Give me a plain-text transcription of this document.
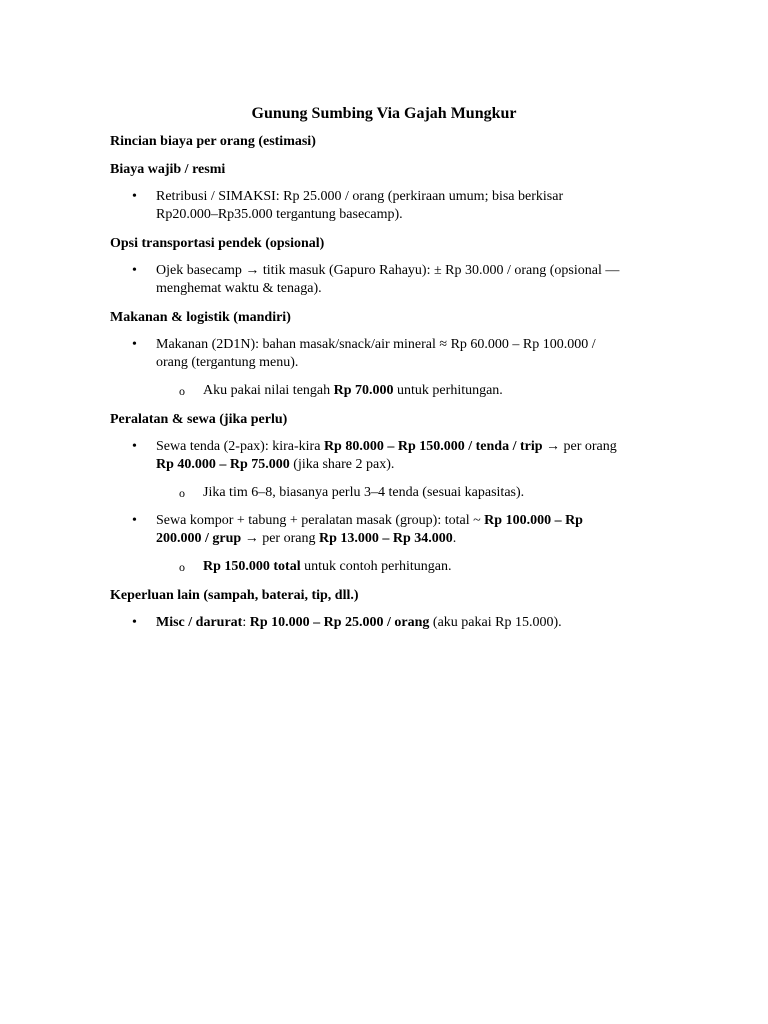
Gunung Sumbing Via Gajah Mungkur
Rincian biaya per orang (estimasi)
Biaya wajib / resmi
•	Retribusi / SIMAKSI: Rp 25.000 / orang (perkiraan umum; bisa berkisar
Rp20.000–Rp35.000 tergantung basecamp).
Opsi transportasi pendek (opsional)
•	Ojek basecamp → titik masuk (Gapuro Rahayu): ± Rp 30.000 / orang (opsional —
menghemat waktu & tenaga).
Makanan & logistik (mandiri)
•	Makanan (2D1N): bahan masak/snack/air mineral ≈ Rp 60.000 – Rp 100.000 /
orang (tergantung menu).
o	Aku pakai nilai tengah Rp 70.000 untuk perhitungan.
Peralatan & sewa (jika perlu)
•	Sewa tenda (2-pax): kira-kira Rp 80.000 – Rp 150.000 / tenda / trip → per orang
Rp 40.000 – Rp 75.000 (jika share 2 pax).
o	Jika tim 6–8, biasanya perlu 3–4 tenda (sesuai kapasitas).
•	Sewa kompor + tabung + peralatan masak (group): total ~ Rp 100.000 – Rp
200.000 / grup → per orang Rp 13.000 – Rp 34.000.
o	Rp 150.000 total untuk contoh perhitungan.
Keperluan lain (sampah, baterai, tip, dll.)
•	Misc / darurat: Rp 10.000 – Rp 25.000 / orang (aku pakai Rp 15.000).
